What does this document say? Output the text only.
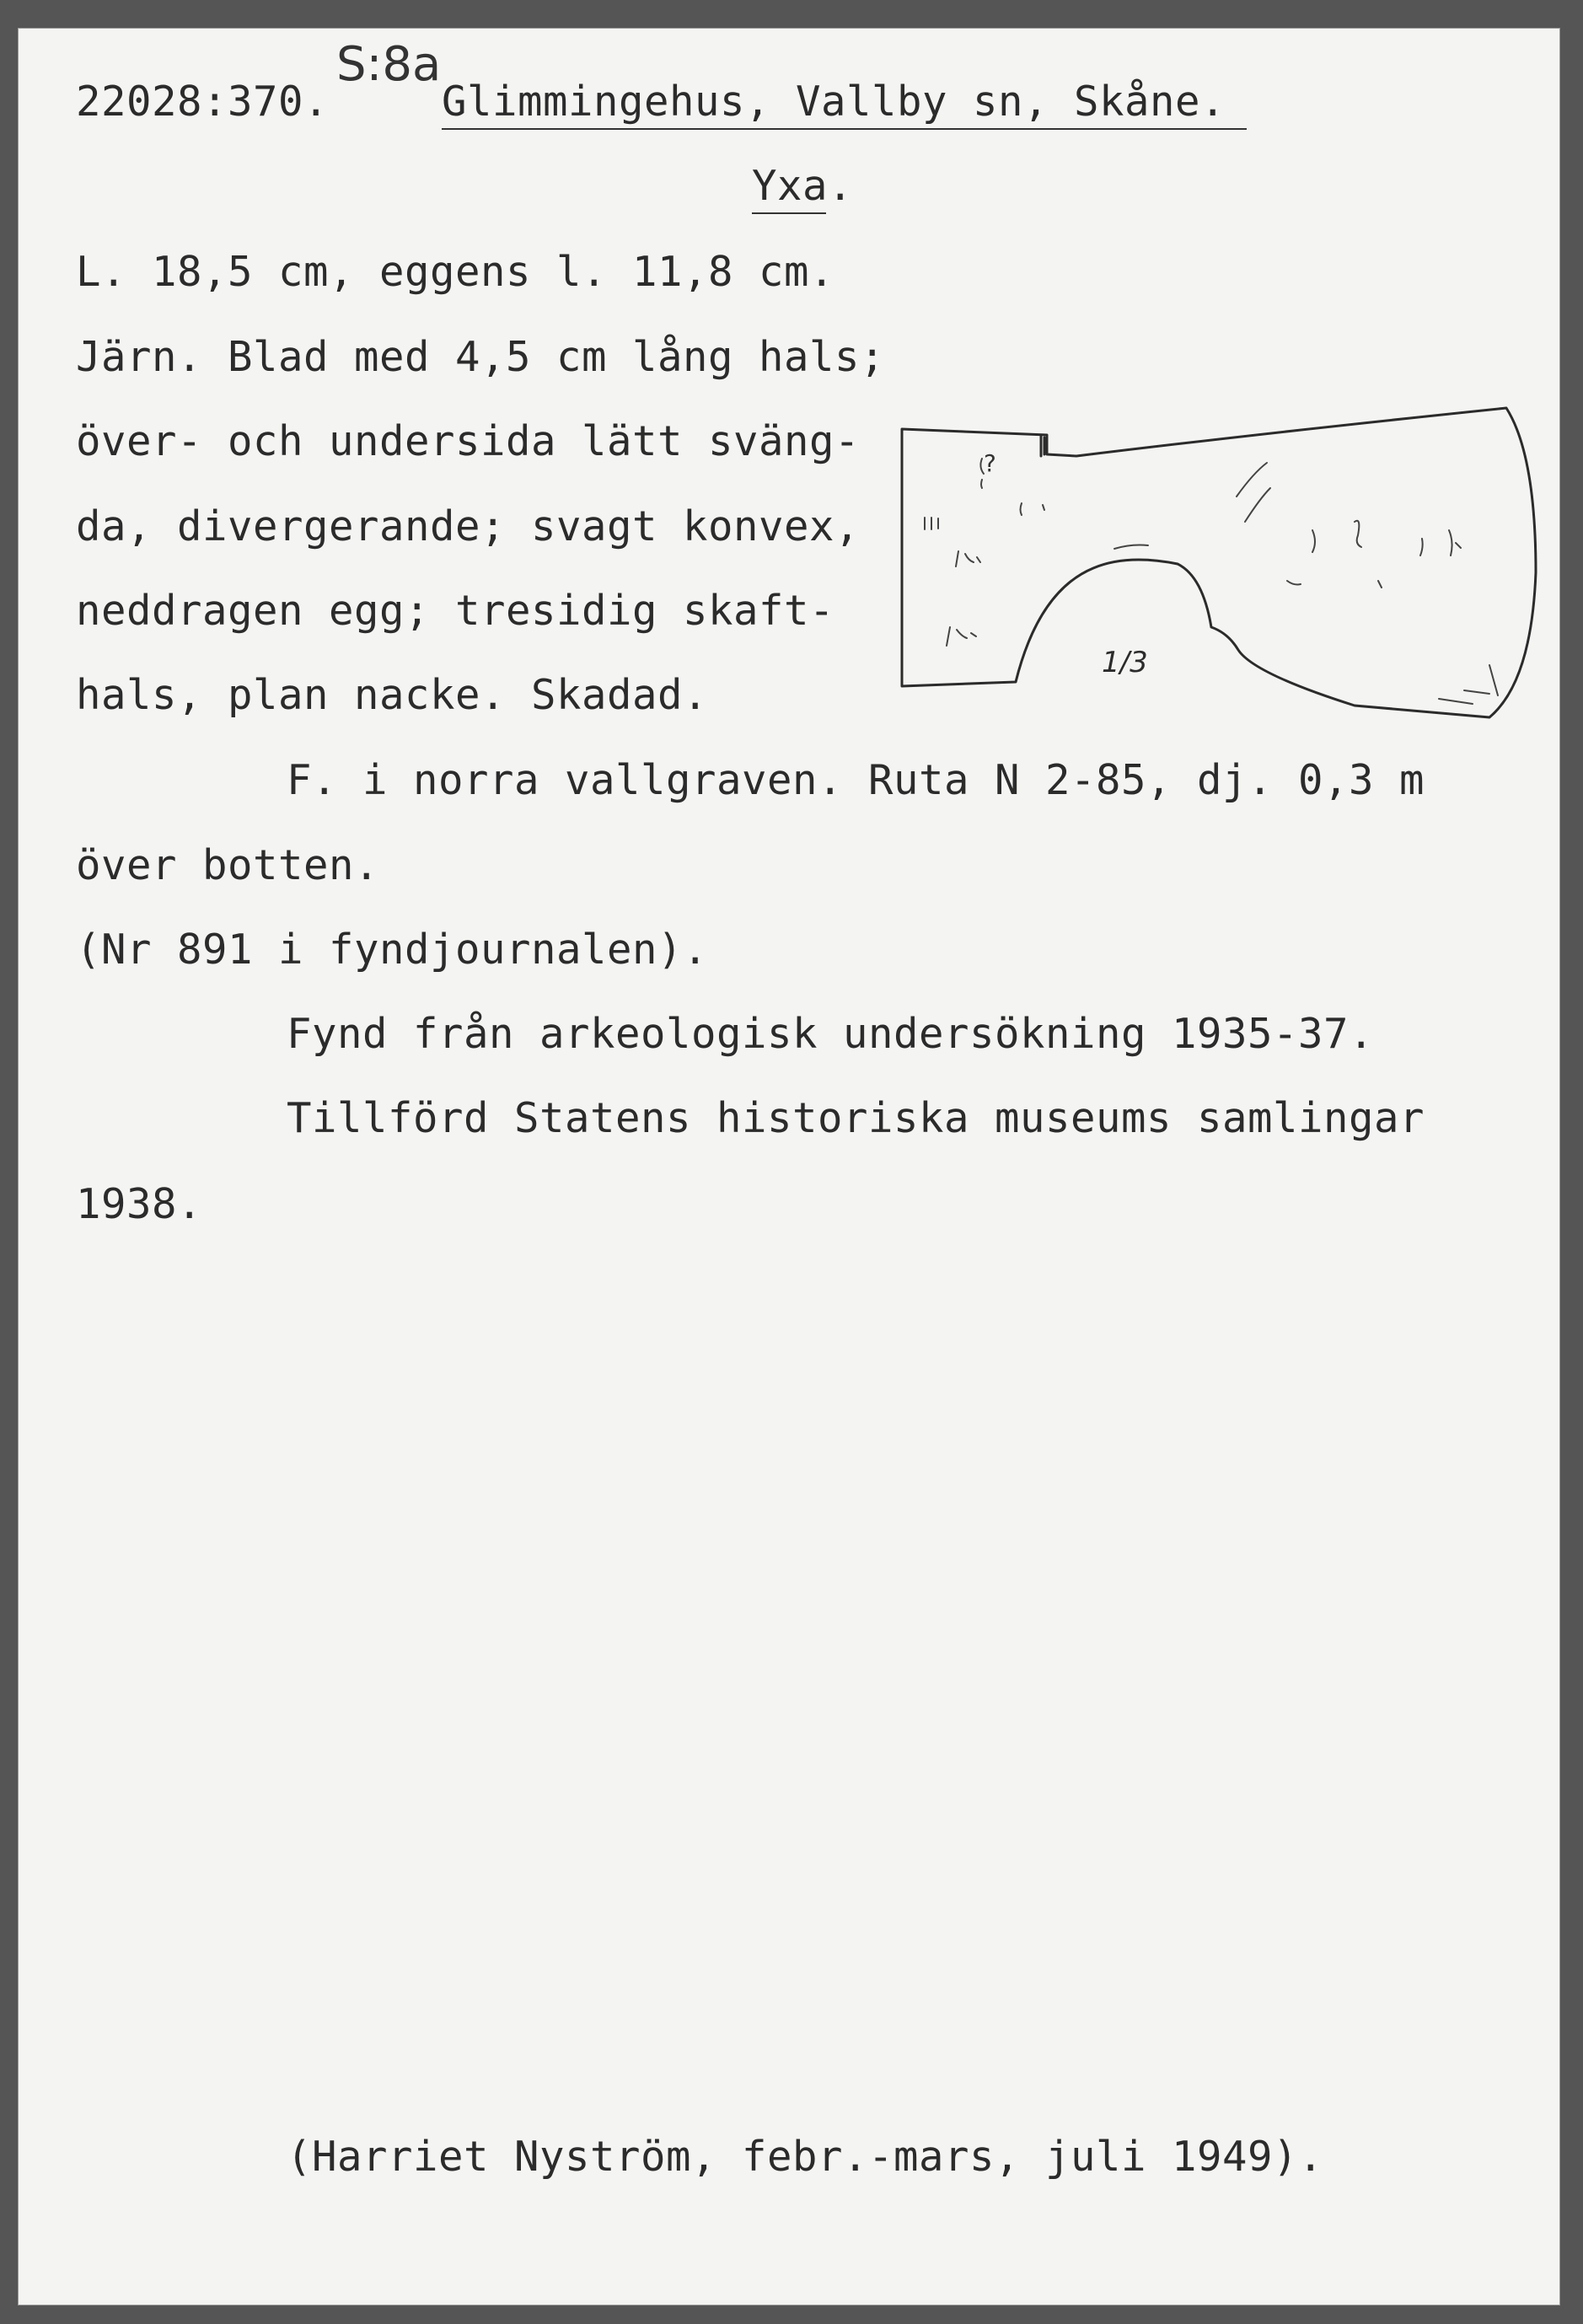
22028:370.
S:8a
Glimmingehus, Vallby sn, Skåne.
Yxa.
L. 18,5 cm, eggens l. 11,8 cm.
Järn. Blad med 4,5 cm lång hals;
över- och undersida lätt sväng-
da, divergerande; svagt konvex,
neddragen egg; tresidig skaft-
hals, plan nacke. Skadad.
F. i norra vallgraven. Ruta N 2-85, dj. 0,3 m
över botten.
(Nr 891 i fyndjournalen).
Fynd från arkeologisk undersökning 1935-37.
Tillförd Statens historiska museums samlingar
1938.
?
1/3
(Harriet Nyström, febr.-mars, juli 1949).
